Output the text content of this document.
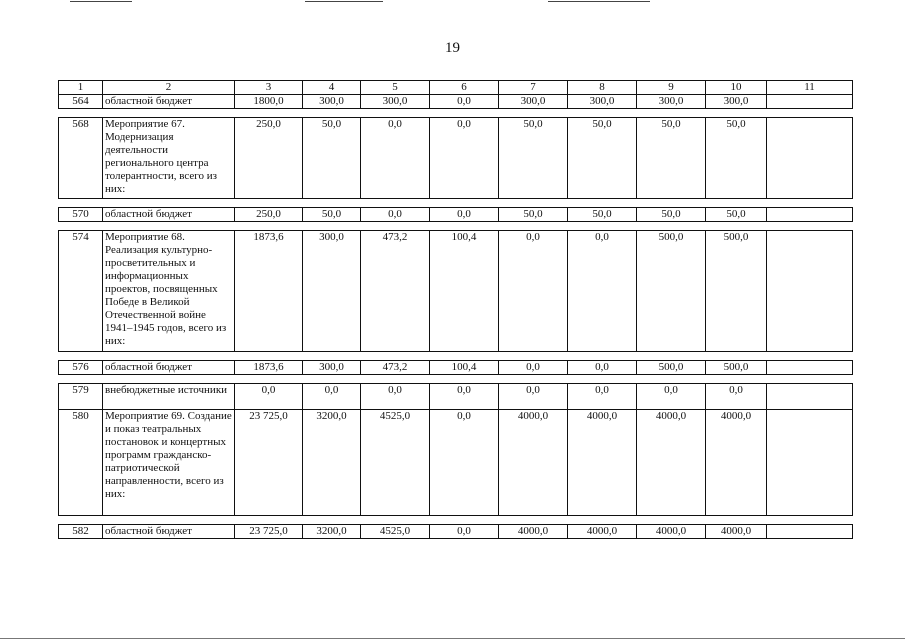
19
1	2	3	4	5	6	7	8	9	10	11
564	областной бюджет	1800,0	300,0	300,0	0,0	300,0	300,0	300,0	300,0	

568	Мероприятие 67. Модернизация деятельности регионального центра толерантности, всего из них:	250,0	50,0	0,0	0,0	50,0	50,0	50,0	50,0	

570	областной бюджет	250,0	50,0	0,0	0,0	50,0	50,0	50,0	50,0	

574	Мероприятие 68. Реализация культурно-просветительных и информационных проектов, посвященных Победе в Великой Отечественной войне 1941–1945 годов, всего из них:	1873,6	300,0	473,2	100,4	0,0	0,0	500,0	500,0	

576	областной бюджет	1873,6	300,0	473,2	100,4	0,0	0,0	500,0	500,0	

579	внебюджетные источники	0,0	0,0	0,0	0,0	0,0	0,0	0,0	0,0	
580	Мероприятие 69. Создание и показ театральных постановок и концертных программ гражданско-патриотической направленности, всего из них:	23 725,0	3200,0	4525,0	0,0	4000,0	4000,0	4000,0	4000,0	

582	областной бюджет	23 725,0	3200,0	4525,0	0,0	4000,0	4000,0	4000,0	4000,0	
